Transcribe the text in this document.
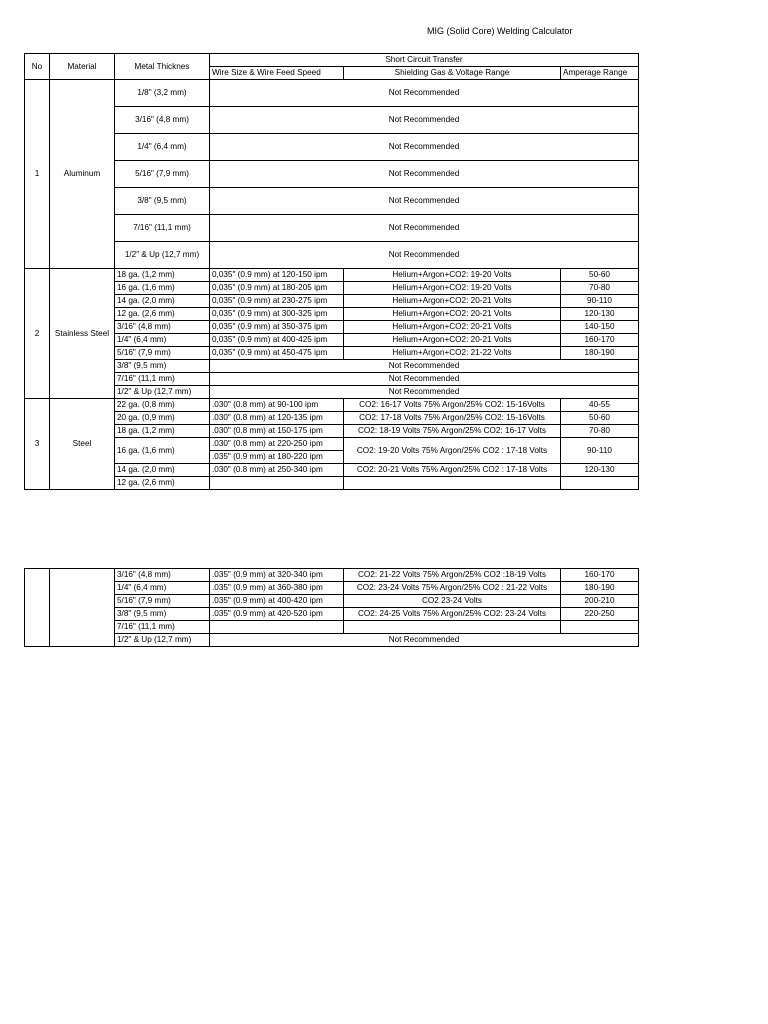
MIG (Solid Core) Welding Calculator
No	Material	Metal Thicknes	Short Circuit Transfer		
			Wire Size & Wire Feed Speed	Shielding Gas & Voltage Range	Amperage Range
1	Aluminum	1/8" (3,2 mm)	Not Recommended		
		3/16" (4,8 mm)	Not Recommended		
		1/4" (6,4 mm)	Not Recommended		
		5/16" (7,9 mm)	Not Recommended		
		3/8" (9,5 mm)	Not Recommended		
		7/16" (11,1 mm)	Not Recommended		
		1/2" & Up (12,7 mm)	Not Recommended		
2	Stainless Steel	18 ga. (1,2 mm)	0,035" (0.9 mm) at 120-150 ipm	Helium+Argon+CO2: 19-20 Volts	50-60
		16 ga. (1,6 mm)	0,035" (0.9 mm) at 180-205 ipm	Helium+Argon+CO2: 19-20 Volts	70-80
		14 ga. (2,0 mm)	0,035" (0.9 mm) at 230-275 ipm	Helium+Argon+CO2: 20-21 Volts	90-110
		12 ga. (2,6 mm)	0,035" (0.9 mm) at 300-325 ipm	Helium+Argon+CO2: 20-21 Volts	120-130
		3/16" (4,8 mm)	0,035" (0.9 mm) at 350-375 ipm	Helium+Argon+CO2: 20-21 Volts	140-150
		1/4" (6,4 mm)	0,035" (0.9 mm) at 400-425 ipm	Helium+Argon+CO2: 20-21 Volts	160-170
		5/16" (7,9 mm)	0,035" (0.9 mm) at 450-475 ipm	Helium+Argon+CO2: 21-22 Volts	180-190
		3/8" (9,5 mm)	Not Recommended		
		7/16" (11,1 mm)	Not Recommended		
		1/2" & Up (12,7 mm)	Not Recommended		
3	Steel	22 ga. (0,8 mm)	.030" (0.8 mm) at 90-100 ipm	CO2: 16-17 Volts 75% Argon/25% CO2: 15-16Volts	40-55
		20 ga. (0,9 mm)	.030" (0.8 mm) at 120-135 ipm	CO2: 17-18 Volts 75% Argon/25% CO2: 15-16Volts	50-60
		18 ga. (1,2 mm)	.030" (0.8 mm) at 150-175 ipm	CO2: 18-19 Volts 75% Argon/25% CO2: 16-17 Volts	70-80
		16 ga. (1,6 mm)	.030" (0.8 mm) at 220-250 ipm	CO2: 19-20 Volts 75% Argon/25% CO2 : 17-18 Volts	90-110
			.035" (0.9 mm) at 180-220 ipm		
		14 ga. (2,0 mm)	.030" (0.8 mm) at 250-340 ipm	CO2: 20-21 Volts 75% Argon/25% CO2 : 17-18 Volts	120-130
		12 ga. (2,6 mm)			
		3/16" (4,8 mm)	.035" (0.9 mm) at 320-340 ipm	CO2: 21-22 Volts 75% Argon/25% CO2 :18-19 Volts	160-170
		1/4" (6,4 mm)	.035" (0.9 mm) at 360-380 ipm	CO2: 23-24 Volts 75% Argon/25% CO2 : 21-22 Volts	180-190
		5/16" (7,9 mm)	.035" (0.9 mm) at 400-420 ipm	CO2 23-24 Volts	200-210
		3/8" (9,5 mm)	.035" (0.9 mm) at 420-520 ipm	CO2: 24-25 Volts 75% Argon/25% CO2: 23-24 Volts	220-250
		7/16" (11,1 mm)			
		1/2" & Up (12,7 mm)	Not Recommended		
